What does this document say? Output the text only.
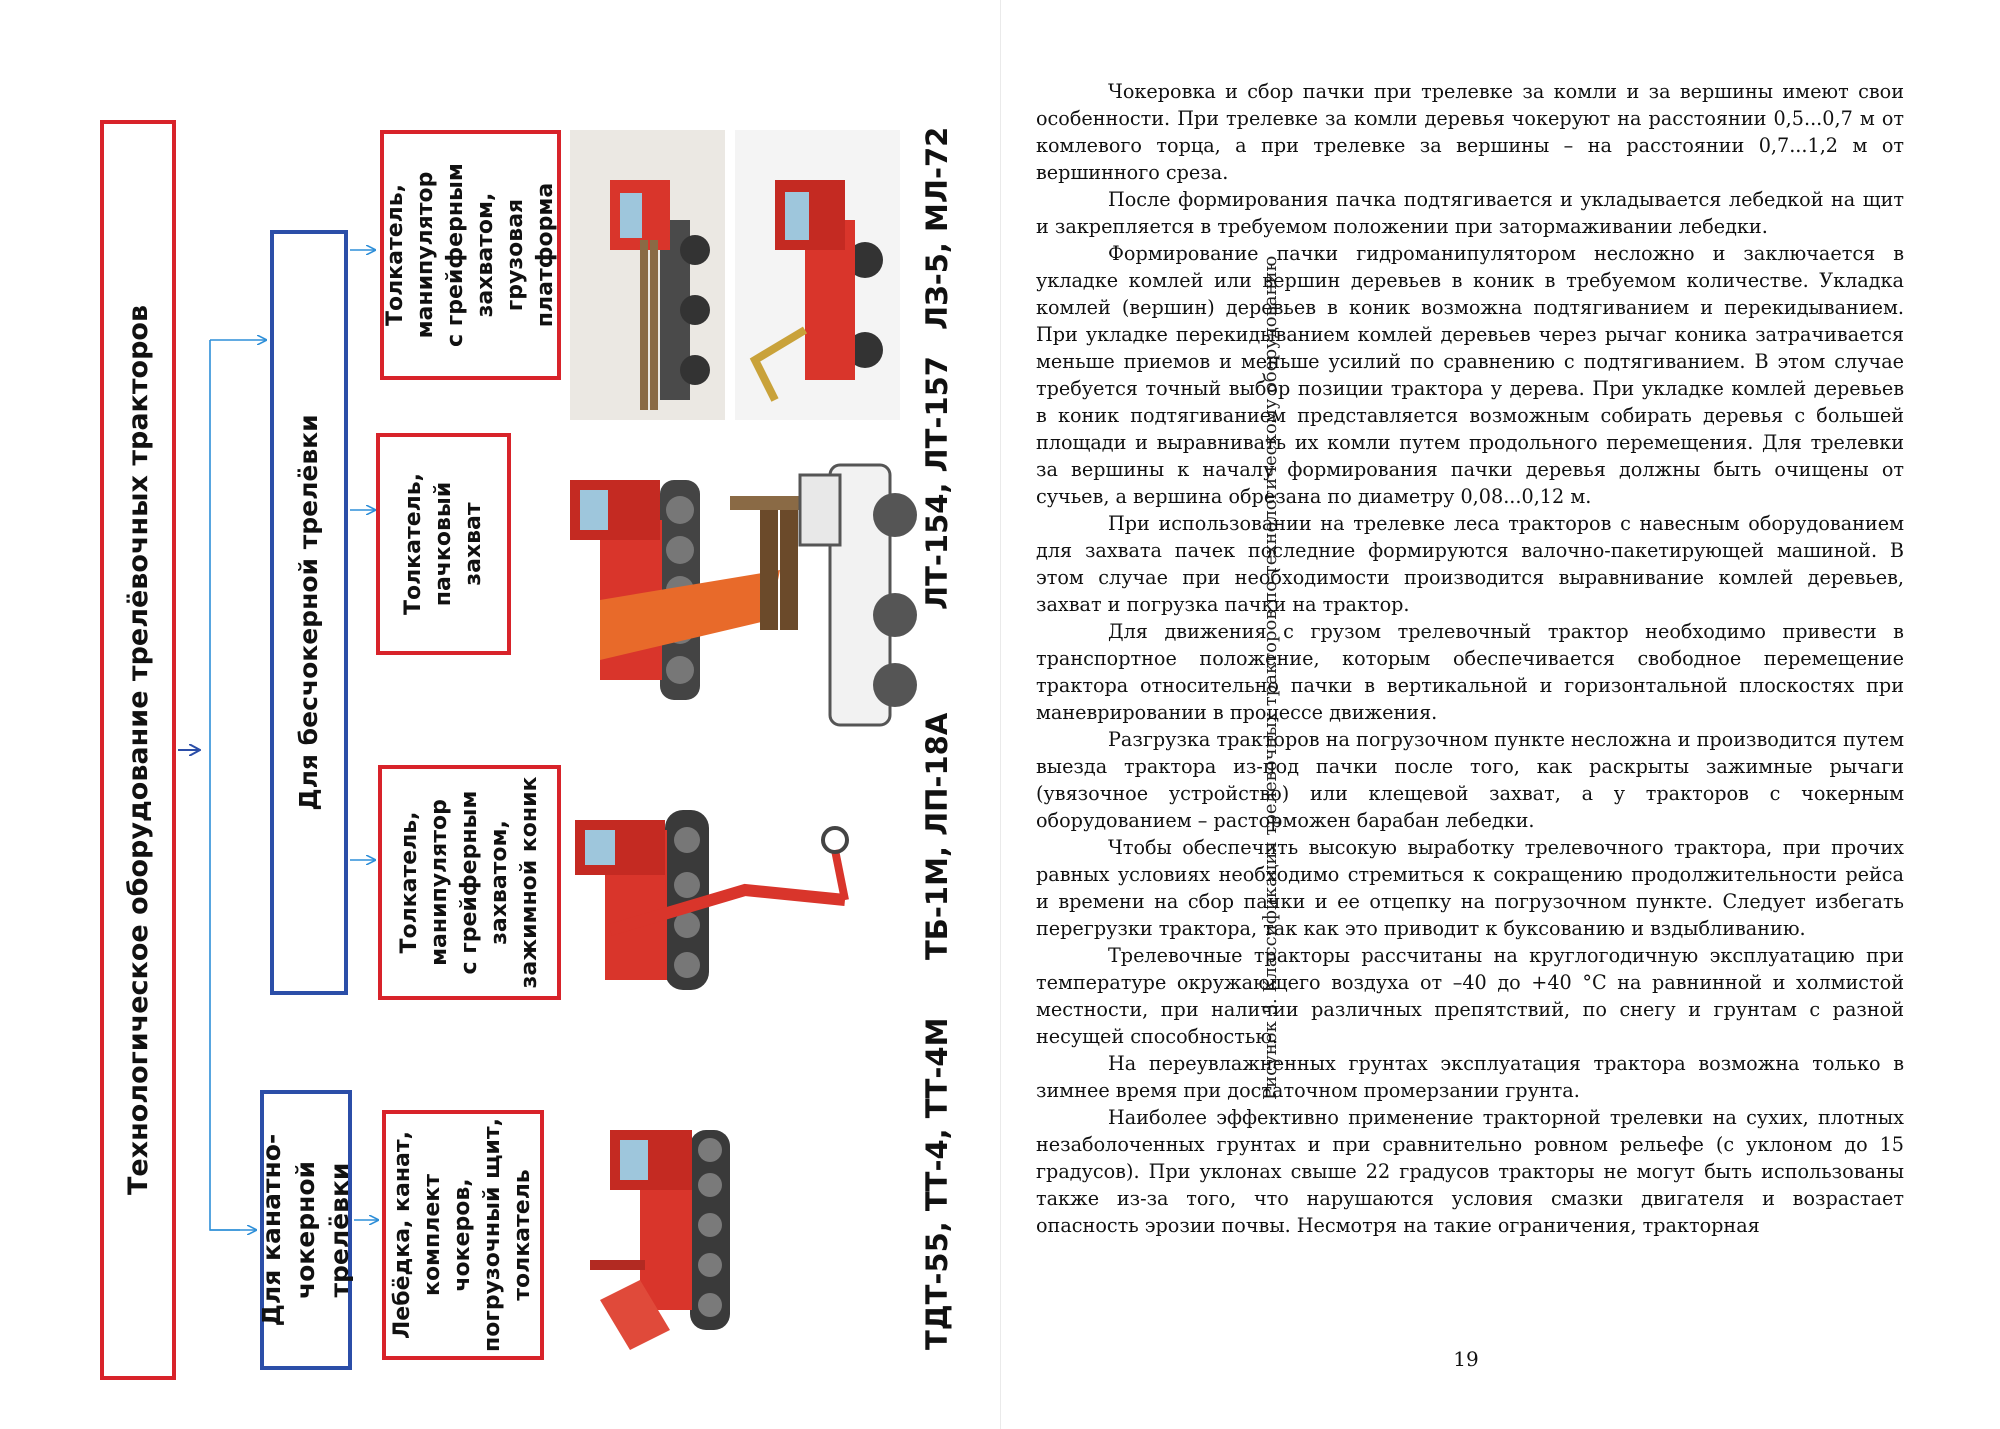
Технологическое оборудование трелёвочных тракторов
Для канатно- чокерной трелёвки
Для бесчокерной трелёвки
Лебёдка, канат, комплект чокеров, погрузочный щит, толкатель
Толкатель, манипулятор с грейферным захватом, зажимной коник
Толкатель, пачковый захват
Толкатель, манипулятор с грейферным захватом, грузовая платформа
ТДТ-55, ТТ-4, ТТ-4М
ТБ-1М, ЛП-18А
ЛТ-154, ЛТ-157
ЛЗ-5, МЛ-72
Рисунок 3. Классификация трелевочных тракторов по технологическому оборудованию

Чокеровка и сбор пачки при трелевке за комли и за вершины имеют свои особенности. При трелевке за комли деревья чокеруют на расстоянии 0,5...0,7 м от комлевого торца, а при трелевке за вершины – на расстоянии 0,7...1,2 м от вершинного среза.

После формирования пачка подтягивается и укладывается лебедкой на щит и закрепляется в требуемом положении при затормаживании лебедки.

Формирование пачки гидроманипулятором несложно и заключается в укладке комлей или вершин деревьев в коник в требуемом количестве. Укладка комлей (вершин) деревьев в коник возможна подтягиванием и перекидыванием. При укладке перекидыванием комлей деревьев через рычаг коника затрачивается меньше приемов и меньше усилий по сравнению с подтягиванием. В этом случае требуется точный выбор позиции трактора у дерева. При укладке комлей деревьев в коник подтягиванием представляется возможным собирать деревья с большей площади и выравнивать их комли путем продольного перемещения. Для трелевки за вершины к началу формирования пачки деревья должны быть очищены от сучьев, а вершина обрезана по диаметру 0,08...0,12 м.

При использовании на трелевке леса тракторов с навесным оборудованием для захвата пачек последние формируются валочно-пакетирующей машиной. В этом случае при необходимости производится выравнивание комлей деревьев, захват и погрузка пачки на трактор.

Для движения с грузом трелевочный трактор необходимо привести в транспортное положение, которым обеспечивается свободное перемещение трактора относительно пачки в вертикальной и горизонтальной плоскостях при маневрировании в процессе движения.

Разгрузка тракторов на погрузочном пункте несложна и производится путем выезда трактора из-под пачки после того, как раскрыты зажимные рычаги (увязочное устройство) или клещевой захват, а у тракторов с чокерным оборудованием – расторможен барабан лебедки.

Чтобы обеспечить высокую выработку трелевочного трактора, при прочих равных условиях необходимо стремиться к сокращению продолжительности рейса и времени на сбор пачки и ее отцепку на погрузочном пункте. Следует избегать перегрузки трактора, так как это приводит к буксованию и вздыбливанию.

Трелевочные тракторы рассчитаны на круглогодичную эксплуатацию при температуре окружающего воздуха от –40 до +40 °C на равнинной и холмистой местности, при наличии различных препятствий, по снегу и грунтам с разной несущей способностью.

На переувлажненных грунтах эксплуатация трактора возможна только в зимнее время при достаточном промерзании грунта.

Наиболее эффективно применение тракторной трелевки на сухих, плотных незаболоченных грунтах и при сравнительно ровном рельефе (с уклоном до 15 градусов). При уклонах свыше 22 градусов тракторы не могут быть использованы также из-за того, что нарушаются условия смазки двигателя и возрастает опасность эрозии почвы. Несмотря на такие ограничения, тракторная

19
